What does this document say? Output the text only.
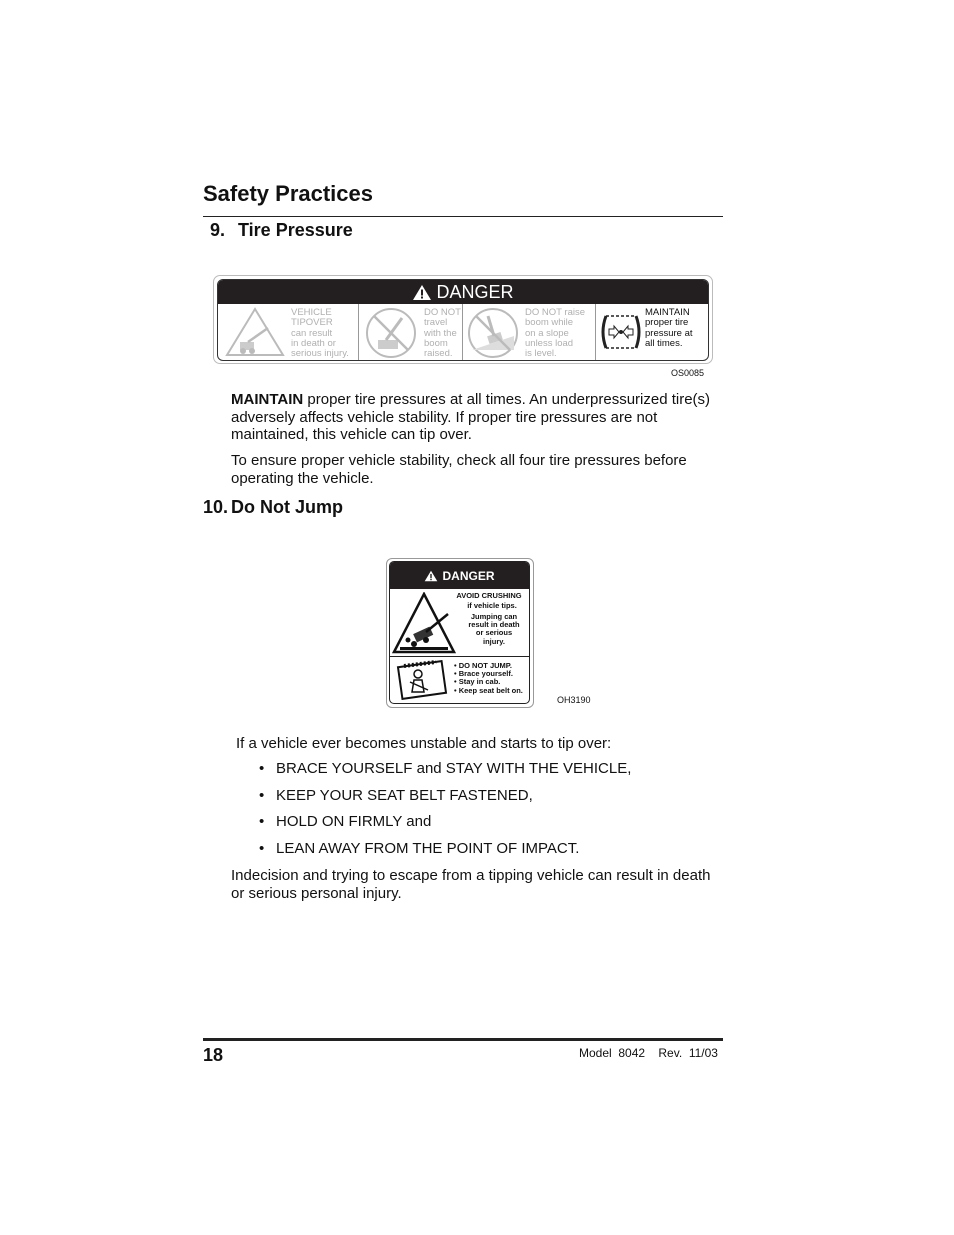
Safety Practices
9. Tire Pressure
DANGER
VEHICLE
TIPOVER
can result
in death or
serious injury.
DO NOT
travel
with the
boom
raised.
DO NOT raise
boom while
on a slope
unless load
is level.
MAINTAIN
proper tire
pressure at
all times.
OS0085

MAINTAIN proper tire pressures at all times. An underpressurized tire(s) adversely affects vehicle stability. If proper tire pressures are not maintained, this vehicle can tip over.

To ensure proper vehicle stability, check all four tire pressures before operating the vehicle.

10. Do Not Jump
DANGER
AVOID CRUSHING
if vehicle tips.
Jumping can
result in death
or serious
injury.
• DO NOT JUMP.
• Brace yourself.
• Stay in cab.
• Keep seat belt on.
OH3190

If a vehicle ever becomes unstable and starts to tip over:

• BRACE YOURSELF and STAY WITH THE VEHICLE,
• KEEP YOUR SEAT BELT FASTENED,
• HOLD ON FIRMLY and
• LEAN AWAY FROM THE POINT OF IMPACT.

Indecision and trying to escape from a tipping vehicle can result in death or serious personal injury.

18	Model  8042    Rev.  11/03
